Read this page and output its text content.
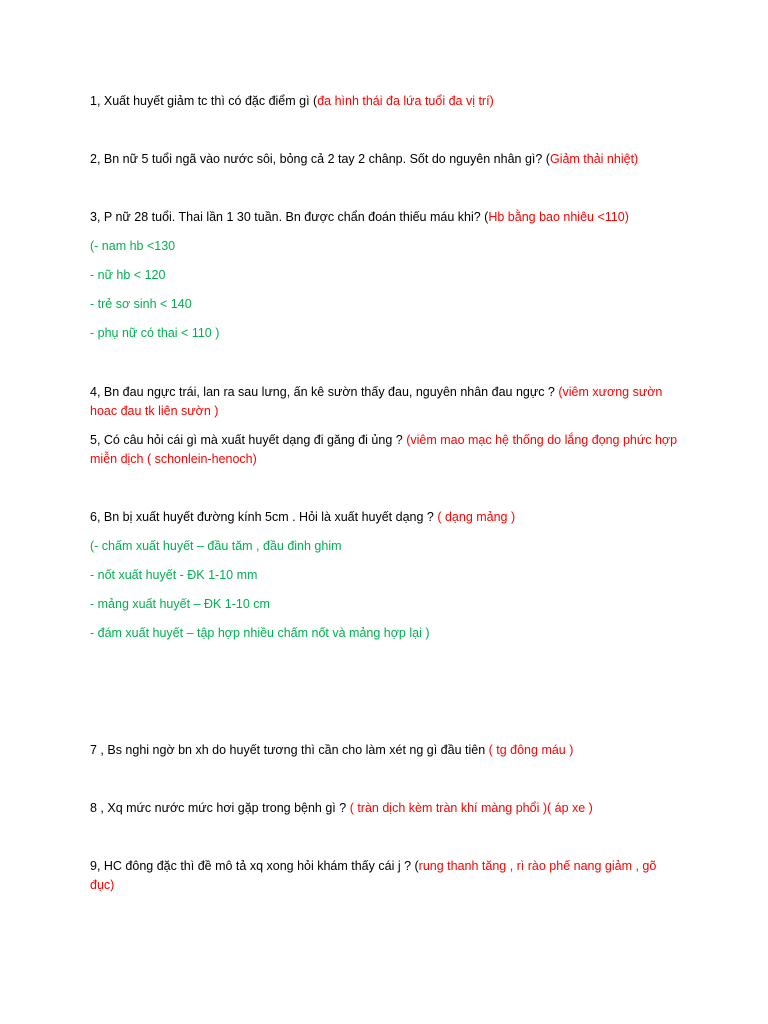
1, Xuất huyết giảm tc thì có đặc điểm gì (đa hình thái đa lứa tuổi đa vị trí)
2, Bn nữ 5 tuổi ngã vào nước sôi, bỏng cả 2 tay 2 chânp. Sốt do nguyên nhân gì? (Giảm thải nhiệt)
3, P nữ 28 tuổi. Thai lần 1 30 tuần. Bn được chẩn đoán thiếu máu khi? (Hb bằng bao nhiêu <110)
(- nam hb <130
- nữ hb < 120
- trẻ sơ sinh < 140
- phụ nữ có thai < 110 )
4, Bn đau ngực trái, lan ra sau lưng, ấn kê sườn thấy đau, nguyên nhân đau ngực ? (viêm xương sườn hoac đau tk liên sườn )
5, Có câu hỏi cái gì mà xuất huyết dạng đi găng đi ủng ? (viêm mao mạc hệ thống do lắng đọng phức hợp miễn dịch ( schonlein-henoch)
6, Bn bị xuất huyết đường kính 5cm . Hỏi là xuất huyết dạng ? ( dạng mảng )
(- chấm xuất huyết – đầu tăm , đầu đinh ghim
- nốt xuất huyết - ĐK 1-10 mm
- mảng xuất huyết – ĐK 1-10 cm
- đám xuất huyết – tập hợp nhiều chấm nốt và mảng hợp lại )
7 , Bs nghi ngờ bn xh do huyết tương thì cần cho làm xét ng gì đầu tiên ( tg đông máu )
8 , Xq mức nước mức hơi gặp trong bệnh gì ? ( tràn dịch kèm tràn khí màng phổi )( áp xe )
9, HC đông đặc thì đề mô tả xq xong hỏi khám thấy cái j ? (rung thanh tăng , rì rào phế nang giảm , gõ đục)
